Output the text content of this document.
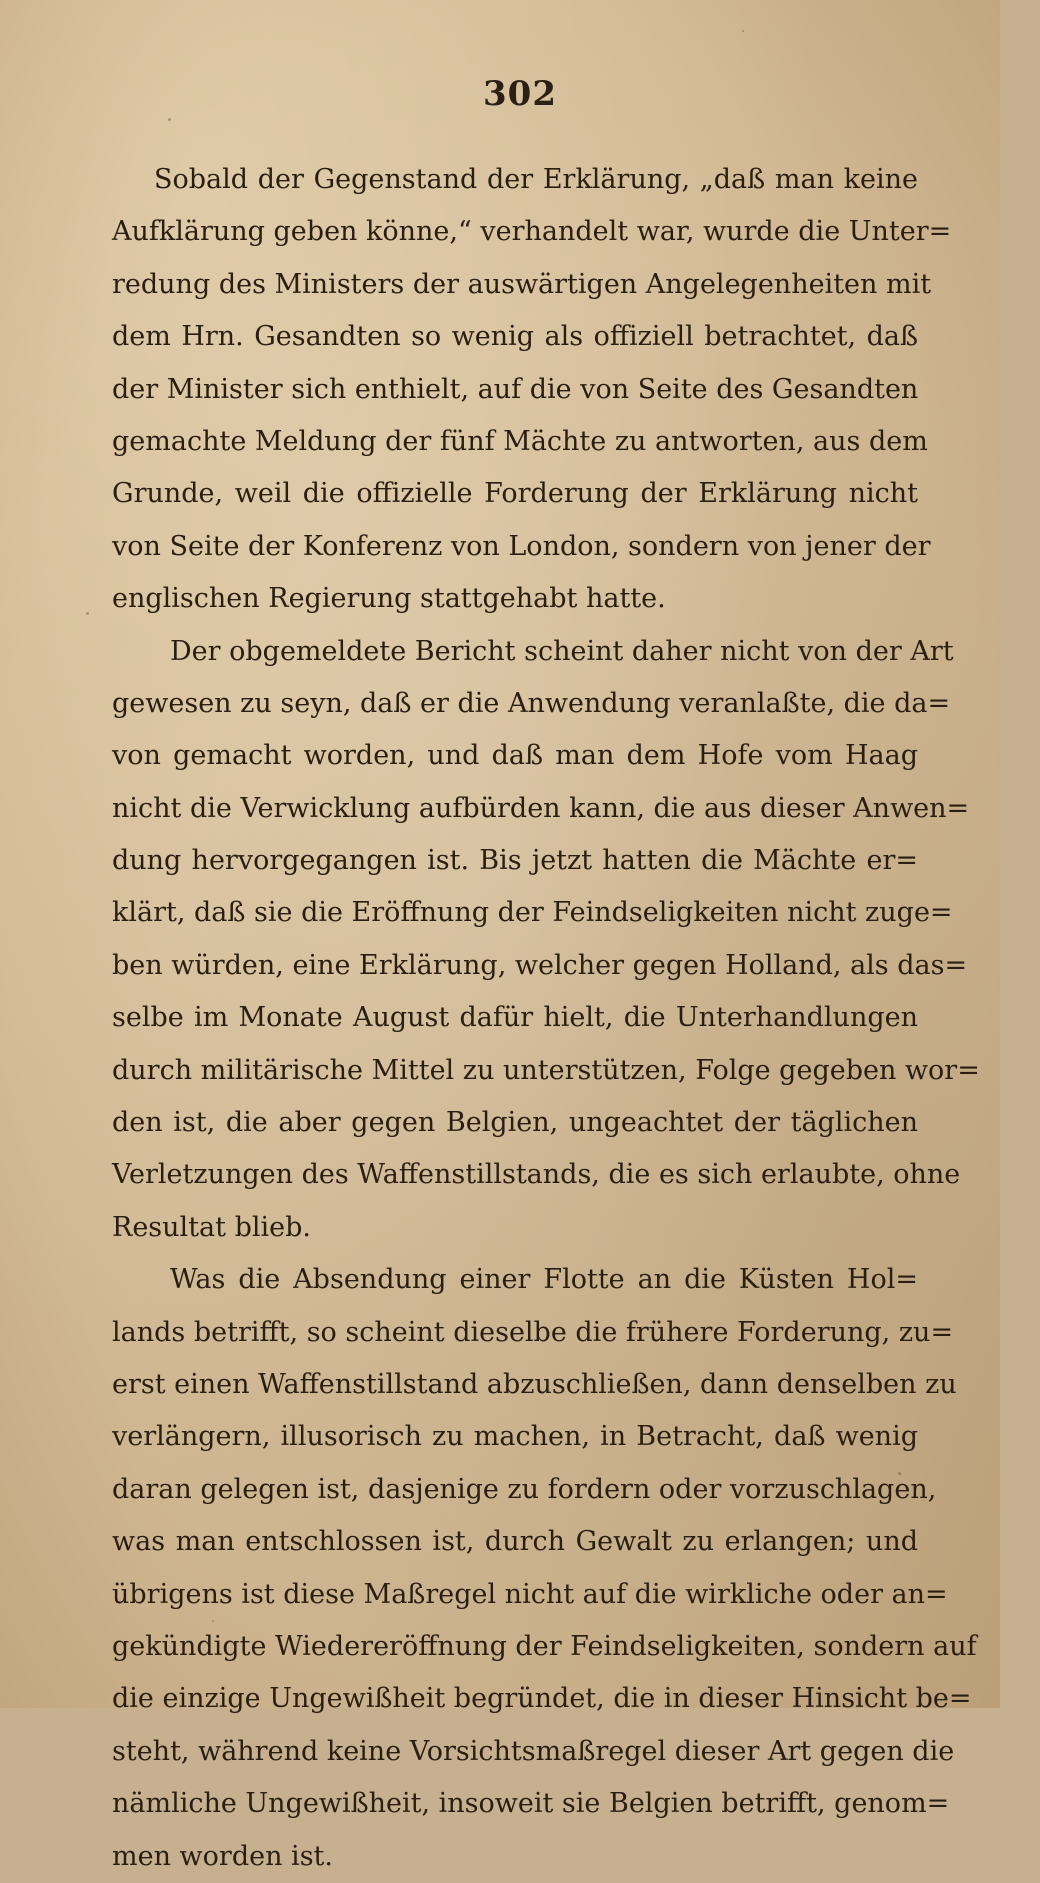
302
Sobald der Gegenstand der Erklärung, „daß man keine
Aufklärung geben könne,“ verhandelt war, wurde die Unter=
redung des Ministers der auswärtigen Angelegenheiten mit
dem Hrn. Gesandten so wenig als offiziell betrachtet, daß
der Minister sich enthielt, auf die von Seite des Gesandten
gemachte Meldung der fünf Mächte zu antworten, aus dem
Grunde, weil die offizielle Forderung der Erklärung nicht
von Seite der Konferenz von London, sondern von jener der
englischen Regierung stattgehabt hatte.
Der obgemeldete Bericht scheint daher nicht von der Art
gewesen zu seyn, daß er die Anwendung veranlaßte, die da=
von gemacht worden, und daß man dem Hofe vom Haag
nicht die Verwicklung aufbürden kann, die aus dieser Anwen=
dung hervorgegangen ist. Bis jetzt hatten die Mächte er=
klärt, daß sie die Eröffnung der Feindseligkeiten nicht zuge=
ben würden, eine Erklärung, welcher gegen Holland, als das=
selbe im Monate August dafür hielt, die Unterhandlungen
durch militärische Mittel zu unterstützen, Folge gegeben wor=
den ist, die aber gegen Belgien, ungeachtet der täglichen
Verletzungen des Waffenstillstands, die es sich erlaubte, ohne
Resultat blieb.
Was die Absendung einer Flotte an die Küsten Hol=
lands betrifft, so scheint dieselbe die frühere Forderung, zu=
erst einen Waffenstillstand abzuschließen, dann denselben zu
verlängern, illusorisch zu machen, in Betracht, daß wenig
daran gelegen ist, dasjenige zu fordern oder vorzuschlagen,
was man entschlossen ist, durch Gewalt zu erlangen; und
übrigens ist diese Maßregel nicht auf die wirkliche oder an=
gekündigte Wiedereröffnung der Feindseligkeiten, sondern auf
die einzige Ungewißheit begründet, die in dieser Hinsicht be=
steht, während keine Vorsichtsmaßregel dieser Art gegen die
nämliche Ungewißheit, insoweit sie Belgien betrifft, genom=
men worden ist.
